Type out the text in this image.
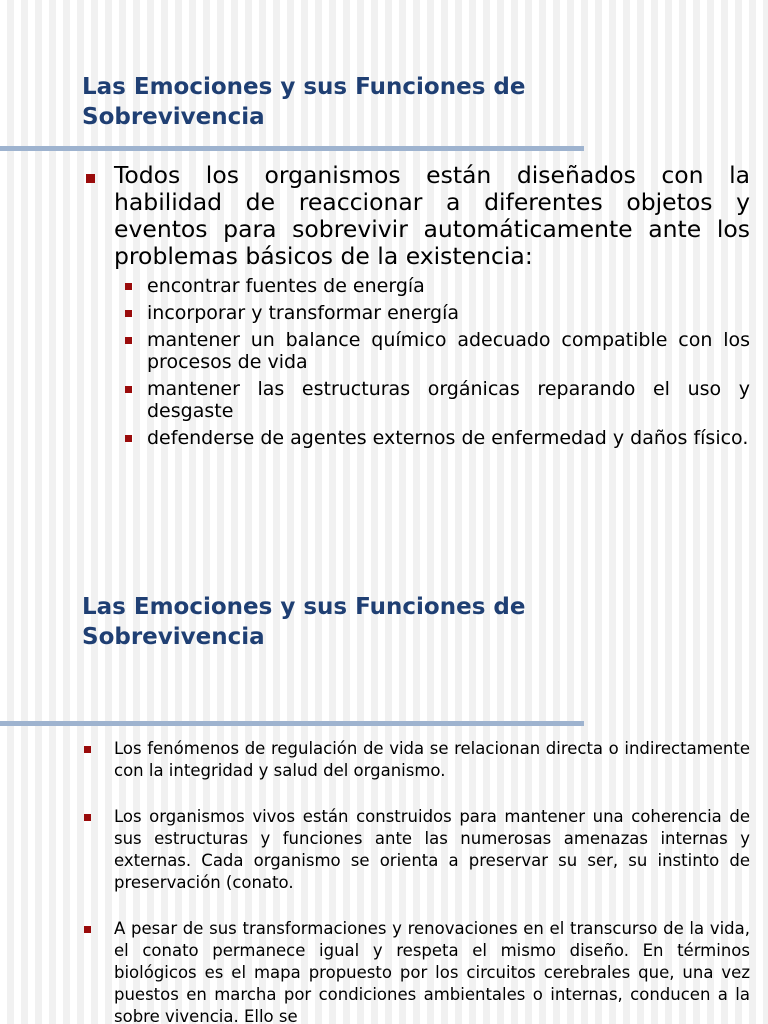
Las Emociones y sus Funciones de Sobrevivencia
Todos los organismos están diseñados con la habilidad de reaccionar a diferentes objetos y eventos para sobrevivir automáticamente ante los problemas básicos de la existencia:
encontrar fuentes de energía
incorporar y transformar energía
mantener un balance químico adecuado compatible con los procesos de vida
mantener las estructuras orgánicas reparando el uso y desgaste
defenderse de agentes externos de enfermedad y daños físico.
Las Emociones y sus Funciones de Sobrevivencia
Los fenómenos de regulación de vida se relacionan directa o indirectamente con la integridad y salud del organismo.
Los organismos vivos están construidos para mantener una coherencia de sus estructuras y funciones ante las numerosas amenazas internas y externas. Cada organismo se orienta a preservar su ser, su instinto de preservación (conato.
A pesar de sus transformaciones y renovaciones en el transcurso de la vida, el conato permanece igual y respeta el mismo diseño. En términos biológicos es el mapa propuesto por los circuitos cerebrales que, una vez puestos en marcha por condiciones ambientales o internas, conducen a la sobre vivencia. Ello se
